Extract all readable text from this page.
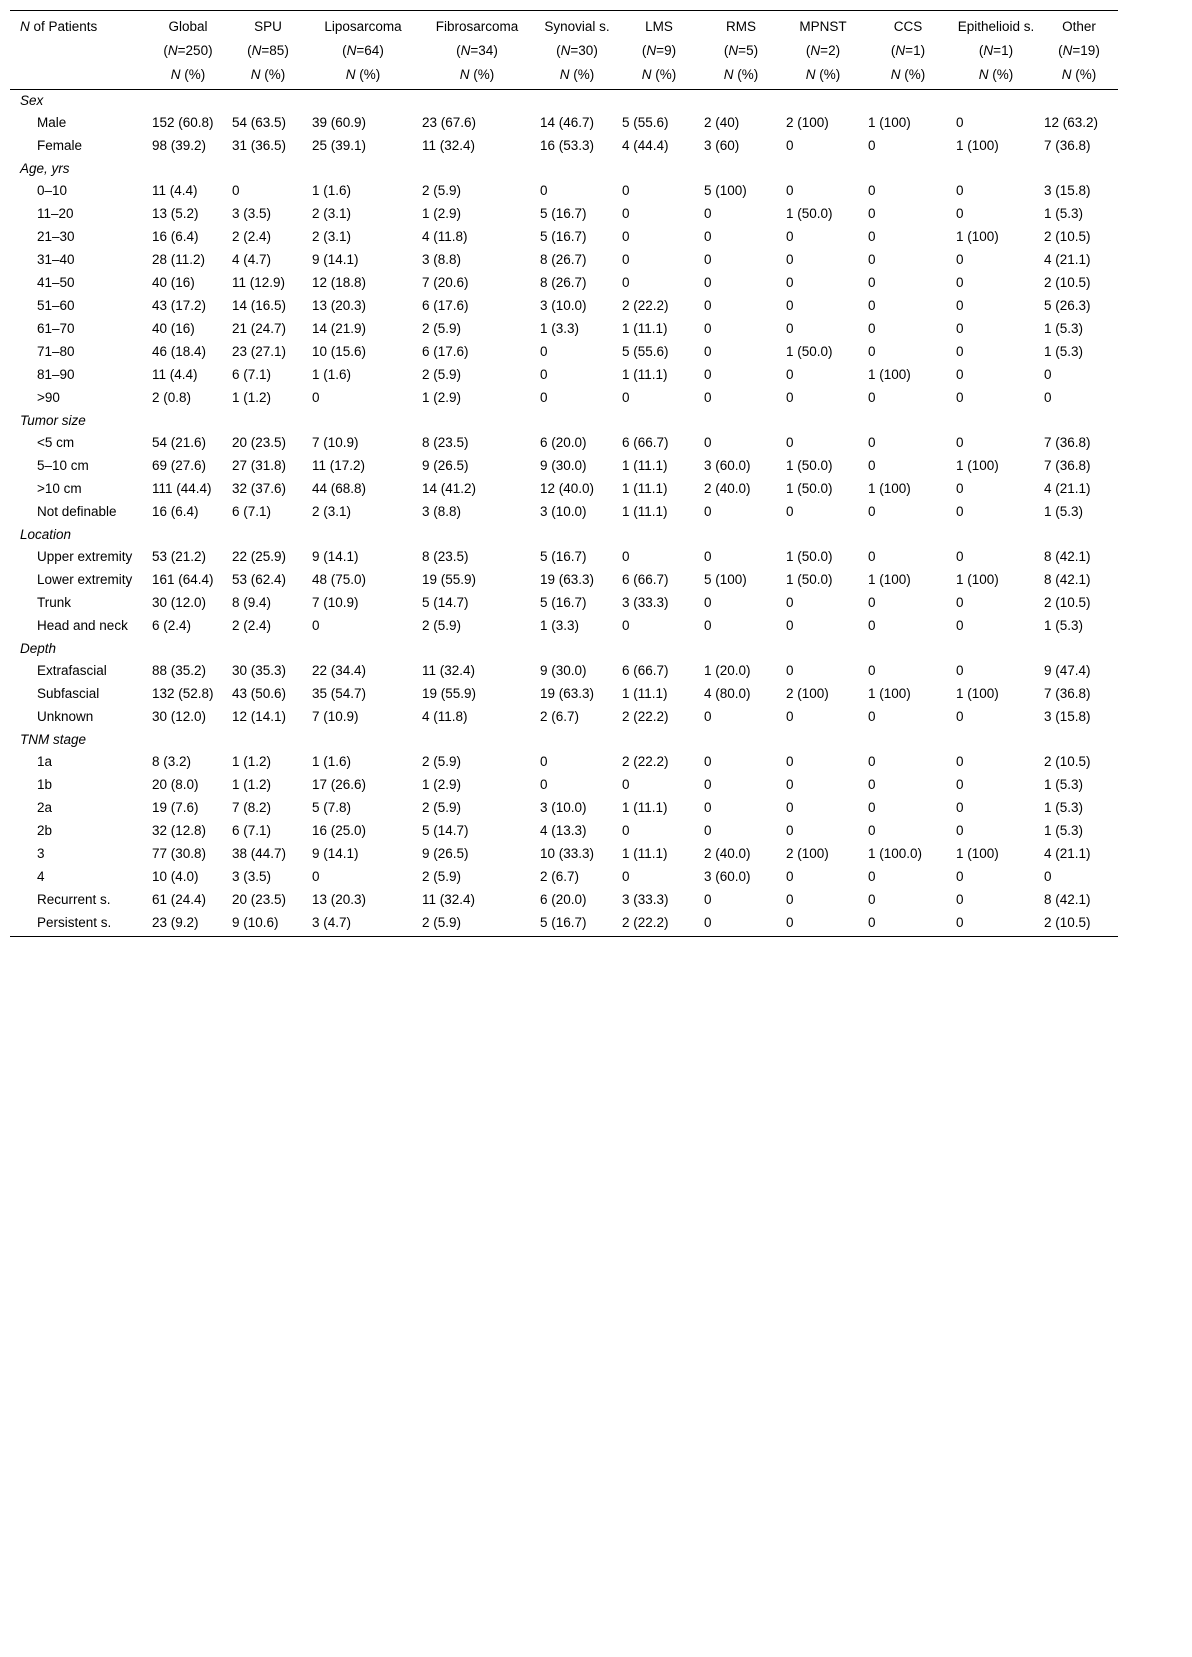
N of Patients	Global	SPU	Liposarcoma	Fibrosarcoma	Synovial s.	LMS	RMS	MPNST	CCS	Epithelioid s.	Other
	(N=250)	(N=85)	(N=64)	(N=34)	(N=30)	(N=9)	(N=5)	(N=2)	(N=1)	(N=1)	(N=19)
	N (%)	N (%)	N (%)	N (%)	N (%)	N (%)	N (%)	N (%)	N (%)	N (%)	N (%)
Sex											
Male	152 (60.8)	54 (63.5)	39 (60.9)	23 (67.6)	14 (46.7)	5 (55.6)	2 (40)	2 (100)	1 (100)	0	12 (63.2)
Female	98 (39.2)	31 (36.5)	25 (39.1)	11 (32.4)	16 (53.3)	4 (44.4)	3 (60)	0	0	1 (100)	7 (36.8)
Age, yrs											
0–10	11 (4.4)	0	1 (1.6)	2 (5.9)	0	0	5 (100)	0	0	0	3 (15.8)
11–20	13 (5.2)	3 (3.5)	2 (3.1)	1 (2.9)	5 (16.7)	0	0	1 (50.0)	0	0	1 (5.3)
21–30	16 (6.4)	2 (2.4)	2 (3.1)	4 (11.8)	5 (16.7)	0	0	0	0	1 (100)	2 (10.5)
31–40	28 (11.2)	4 (4.7)	9 (14.1)	3 (8.8)	8 (26.7)	0	0	0	0	0	4 (21.1)
41–50	40 (16)	11 (12.9)	12 (18.8)	7 (20.6)	8 (26.7)	0	0	0	0	0	2 (10.5)
51–60	43 (17.2)	14 (16.5)	13 (20.3)	6 (17.6)	3 (10.0)	2 (22.2)	0	0	0	0	5 (26.3)
61–70	40 (16)	21 (24.7)	14 (21.9)	2 (5.9)	1 (3.3)	1 (11.1)	0	0	0	0	1 (5.3)
71–80	46 (18.4)	23 (27.1)	10 (15.6)	6 (17.6)	0	5 (55.6)	0	1 (50.0)	0	0	1 (5.3)
81–90	11 (4.4)	6 (7.1)	1 (1.6)	2 (5.9)	0	1 (11.1)	0	0	1 (100)	0	0
>90	2 (0.8)	1 (1.2)	0	1 (2.9)	0	0	0	0	0	0	0
Tumor size											
<5 cm	54 (21.6)	20 (23.5)	7 (10.9)	8 (23.5)	6 (20.0)	6 (66.7)	0	0	0	0	7 (36.8)
5–10 cm	69 (27.6)	27 (31.8)	11 (17.2)	9 (26.5)	9 (30.0)	1 (11.1)	3 (60.0)	1 (50.0)	0	1 (100)	7 (36.8)
>10 cm	111 (44.4)	32 (37.6)	44 (68.8)	14 (41.2)	12 (40.0)	1 (11.1)	2 (40.0)	1 (50.0)	1 (100)	0	4 (21.1)
Not definable	16 (6.4)	6 (7.1)	2 (3.1)	3 (8.8)	3 (10.0)	1 (11.1)	0	0	0	0	1 (5.3)
Location											
Upper extremity	53 (21.2)	22 (25.9)	9 (14.1)	8 (23.5)	5 (16.7)	0	0	1 (50.0)	0	0	8 (42.1)
Lower extremity	161 (64.4)	53 (62.4)	48 (75.0)	19 (55.9)	19 (63.3)	6 (66.7)	5 (100)	1 (50.0)	1 (100)	1 (100)	8 (42.1)
Trunk	30 (12.0)	8 (9.4)	7 (10.9)	5 (14.7)	5 (16.7)	3 (33.3)	0	0	0	0	2 (10.5)
Head and neck	6 (2.4)	2 (2.4)	0	2 (5.9)	1 (3.3)	0	0	0	0	0	1 (5.3)
Depth											
Extrafascial	88 (35.2)	30 (35.3)	22 (34.4)	11 (32.4)	9 (30.0)	6 (66.7)	1 (20.0)	0	0	0	9 (47.4)
Subfascial	132 (52.8)	43 (50.6)	35 (54.7)	19 (55.9)	19 (63.3)	1 (11.1)	4 (80.0)	2 (100)	1 (100)	1 (100)	7 (36.8)
Unknown	30 (12.0)	12 (14.1)	7 (10.9)	4 (11.8)	2 (6.7)	2 (22.2)	0	0	0	0	3 (15.8)
TNM stage											
1a	8 (3.2)	1 (1.2)	1 (1.6)	2 (5.9)	0	2 (22.2)	0	0	0	0	2 (10.5)
1b	20 (8.0)	1 (1.2)	17 (26.6)	1 (2.9)	0	0	0	0	0	0	1 (5.3)
2a	19 (7.6)	7 (8.2)	5 (7.8)	2 (5.9)	3 (10.0)	1 (11.1)	0	0	0	0	1 (5.3)
2b	32 (12.8)	6 (7.1)	16 (25.0)	5 (14.7)	4 (13.3)	0	0	0	0	0	1 (5.3)
3	77 (30.8)	38 (44.7)	9 (14.1)	9 (26.5)	10 (33.3)	1 (11.1)	2 (40.0)	2 (100)	1 (100.0)	1 (100)	4 (21.1)
4	10 (4.0)	3 (3.5)	0	2 (5.9)	2 (6.7)	0	3 (60.0)	0	0	0	0
Recurrent s.	61 (24.4)	20 (23.5)	13 (20.3)	11 (32.4)	6 (20.0)	3 (33.3)	0	0	0	0	8 (42.1)
Persistent s.	23 (9.2)	9 (10.6)	3 (4.7)	2 (5.9)	5 (16.7)	2 (22.2)	0	0	0	0	2 (10.5)
